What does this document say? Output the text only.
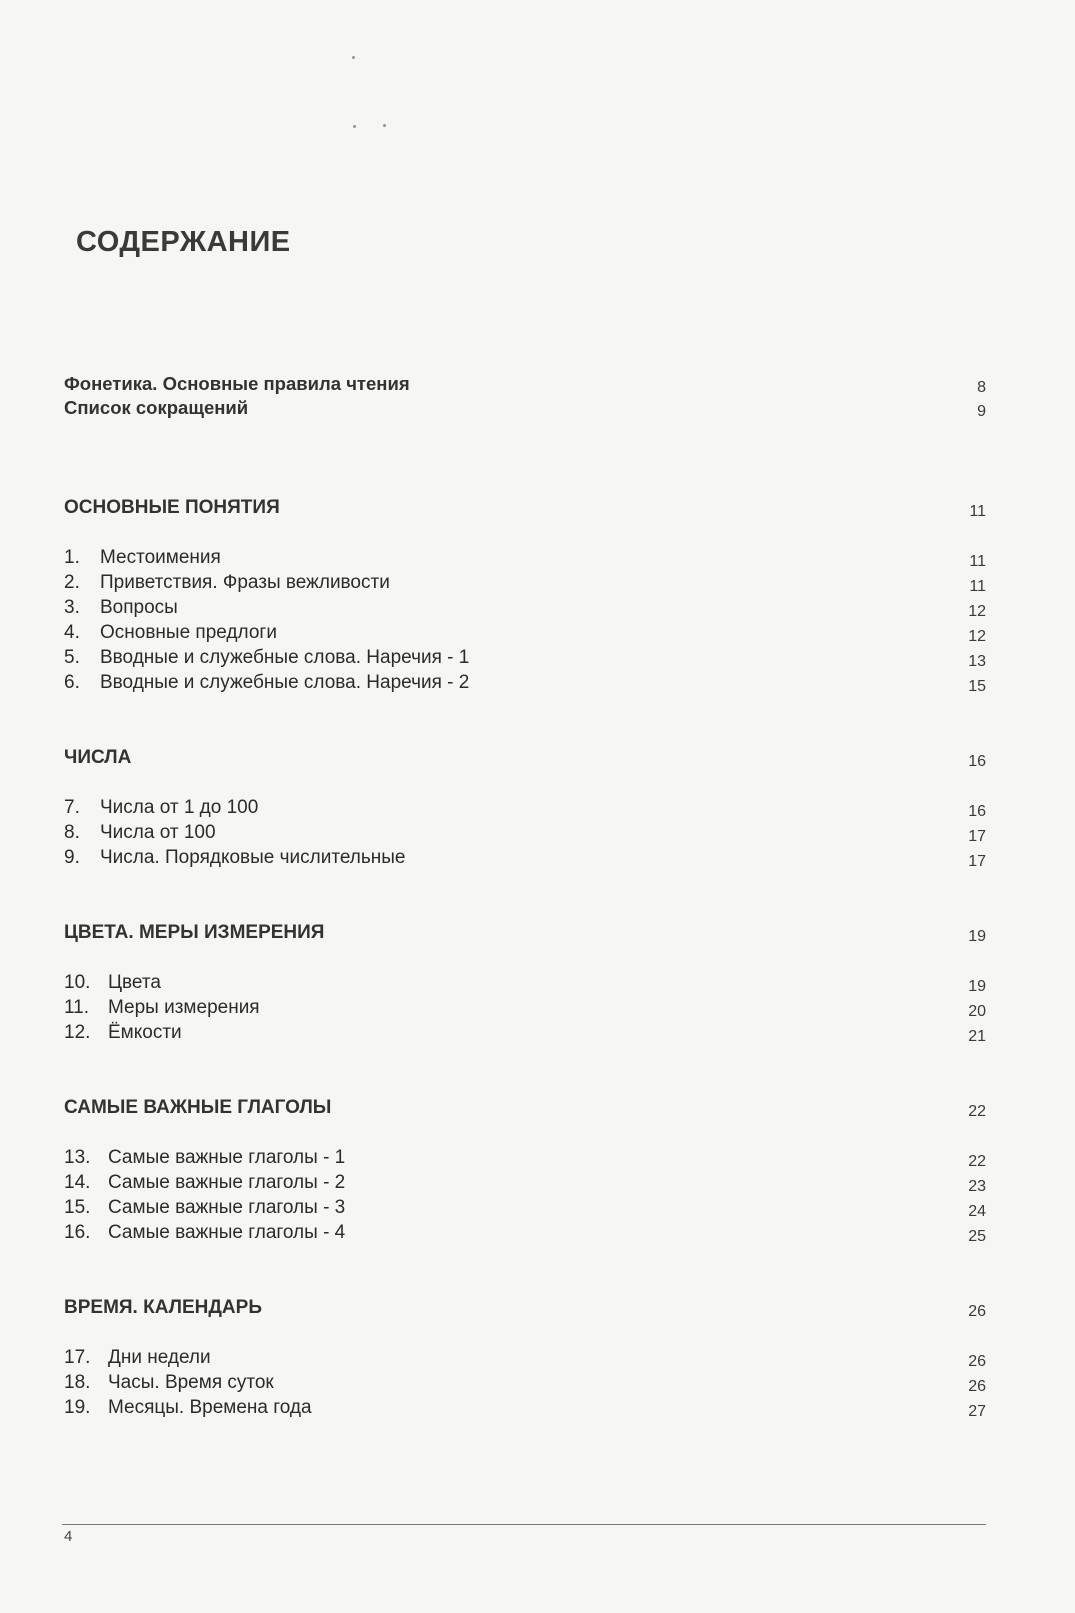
СОДЕРЖАНИЕ
Фонетика. Основные правила чтения	8
Список сокращений	9
ОСНОВНЫЕ ПОНЯТИЯ	11
1. Местоимения	11
2. Приветствия. Фразы вежливости	11
3. Вопросы	12
4. Основные предлоги	12
5. Вводные и служебные слова. Наречия - 1	13
6. Вводные и служебные слова. Наречия - 2	15
ЧИСЛА	16
7. Числа от 1 до 100	16
8. Числа от 100	17
9. Числа. Порядковые числительные	17
ЦВЕТА. МЕРЫ ИЗМЕРЕНИЯ	19
10. Цвета	19
11. Меры измерения	20
12. Ёмкости	21
САМЫЕ ВАЖНЫЕ ГЛАГОЛЫ	22
13. Самые важные глаголы - 1	22
14. Самые важные глаголы - 2	23
15. Самые важные глаголы - 3	24
16. Самые важные глаголы - 4	25
ВРЕМЯ. КАЛЕНДАРЬ	26
17. Дни недели	26
18. Часы. Время суток	26
19. Месяцы. Времена года	27
4
